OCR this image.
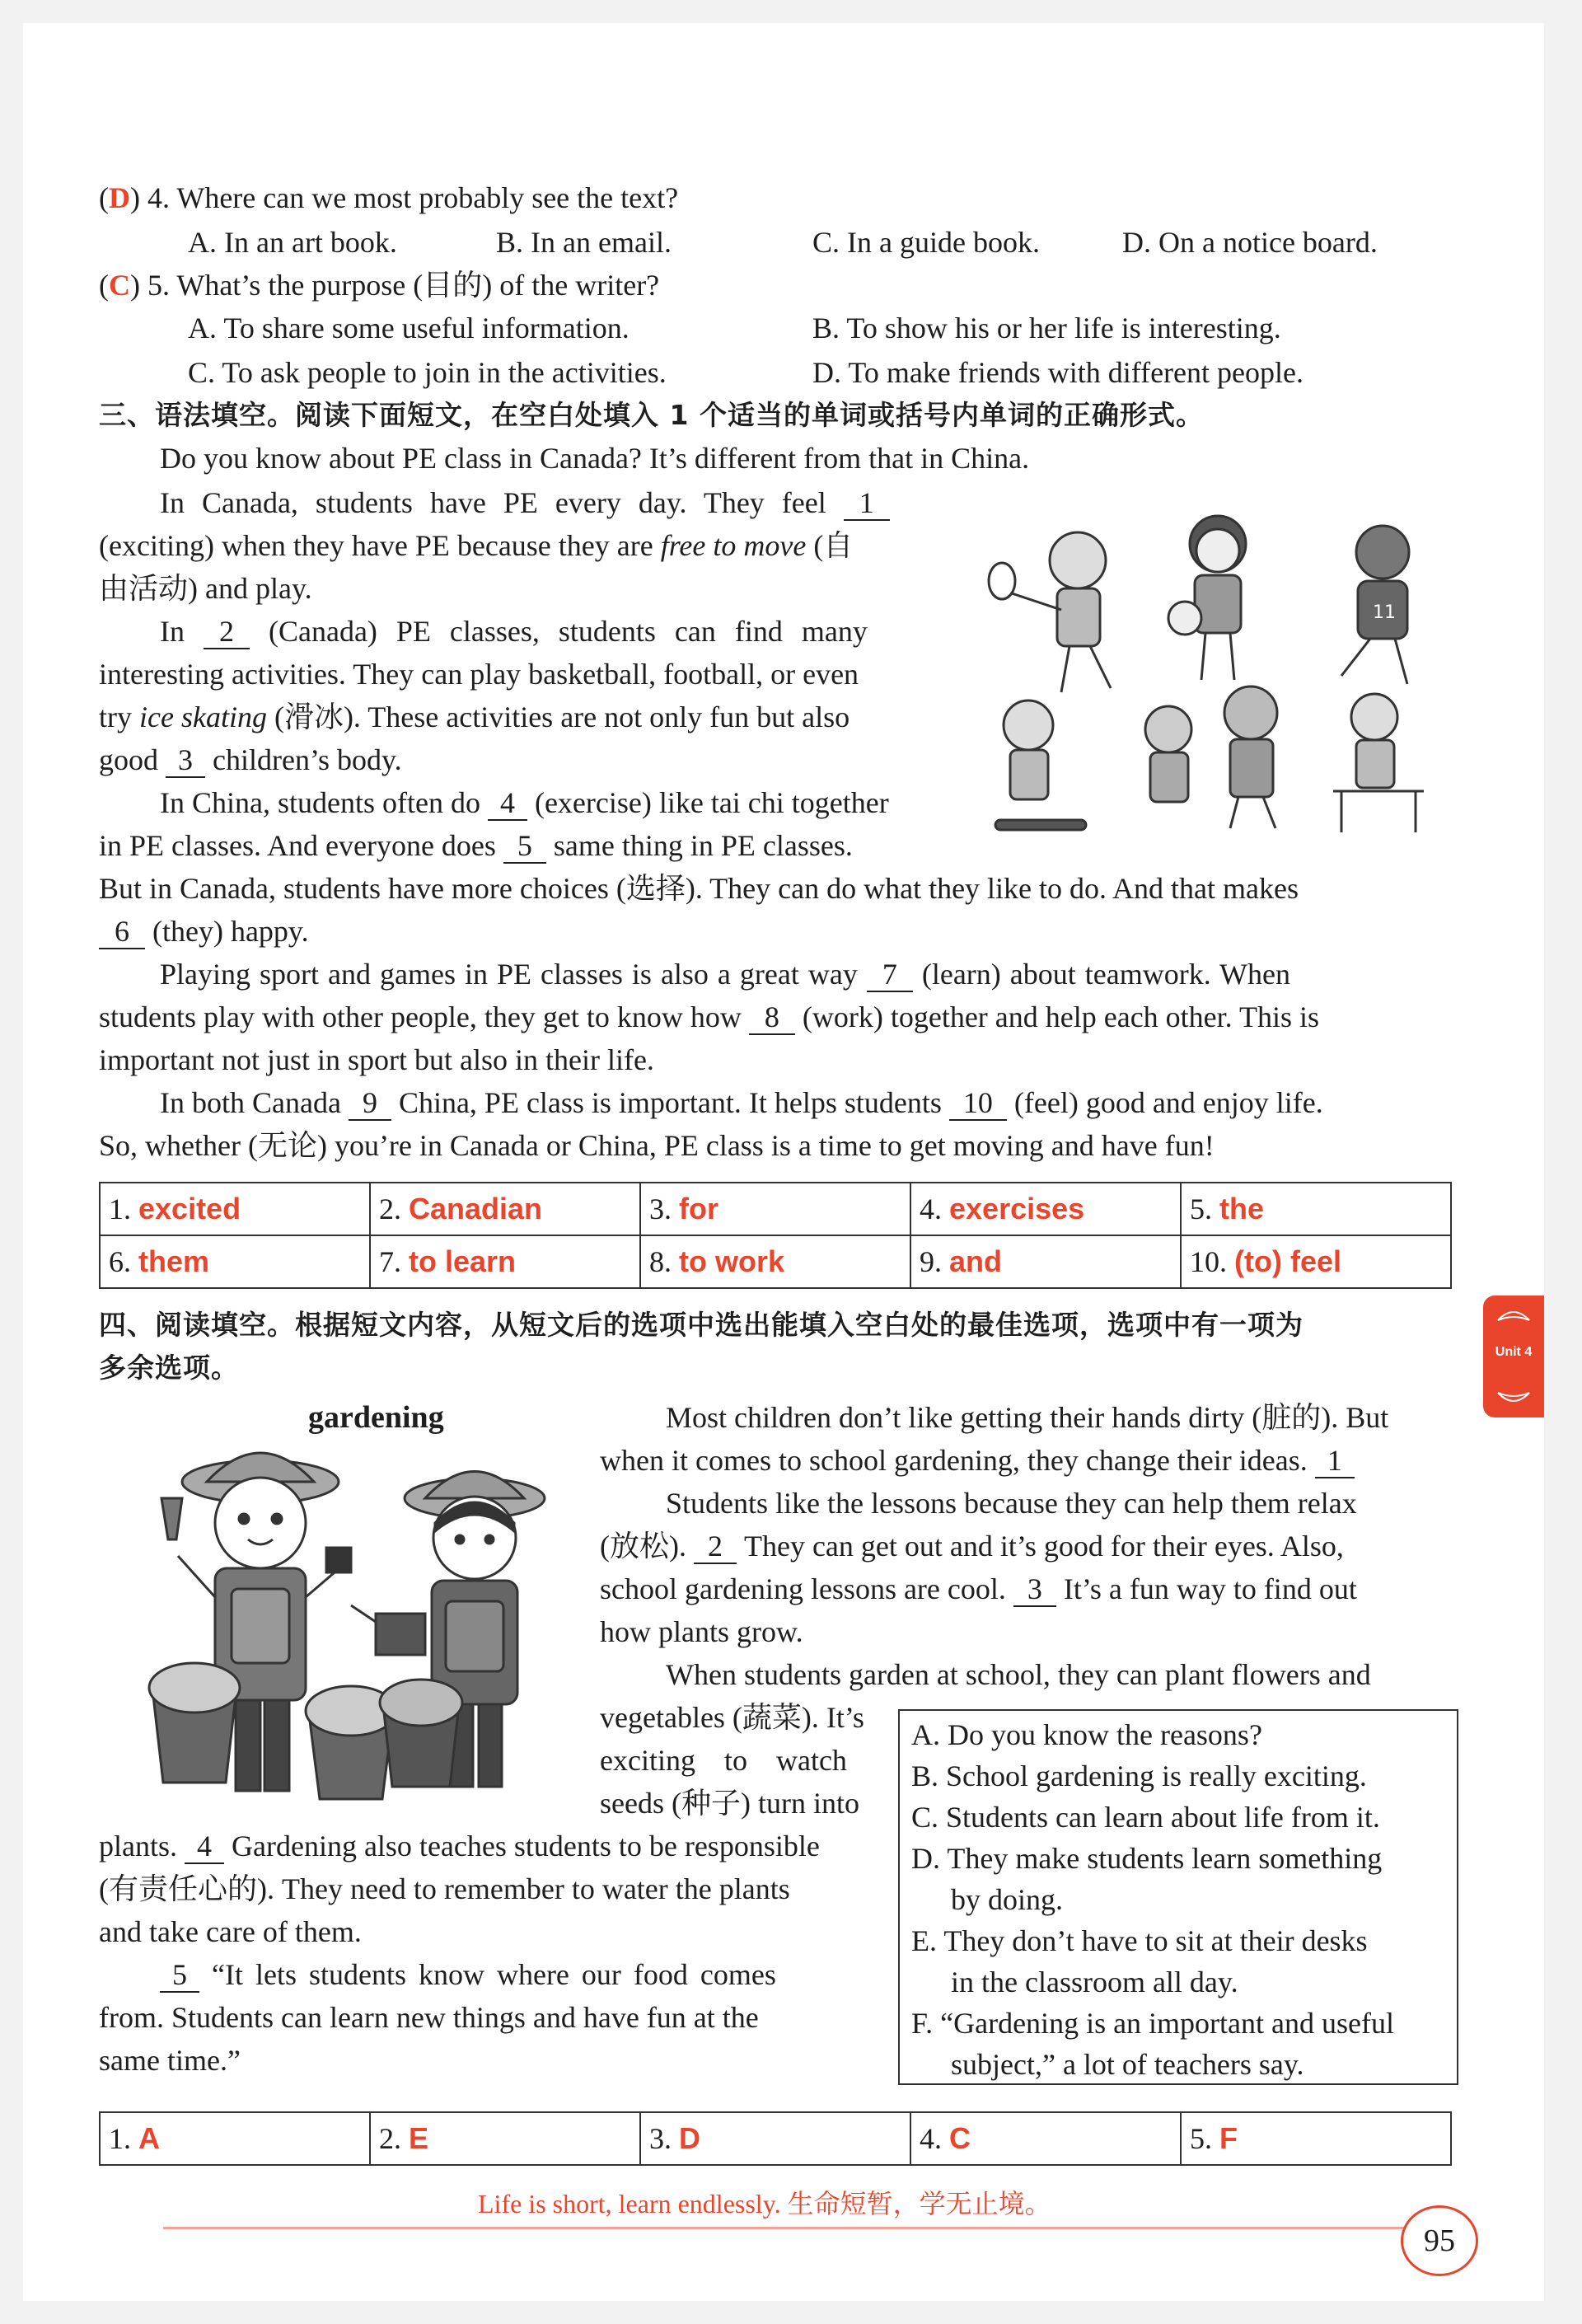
(D) 4. Where can we most probably see the text?
A. In an art book.	B. In an email.	C. In a guide book.	D. On a notice board.
(C) 5. What’s the purpose (目的) of the writer?
A. To share some useful information.	B. To show his or her life is interesting.
C. To ask people to join in the activities.	D. To make friends with different people.
三、语法填空。阅读下面短文，在空白处填入 1 个适当的单词或括号内单词的正确形式。
Do you know about PE class in Canada? It’s different from that in China.
In Canada, students have PE every day. They feel 1
(exciting) when they have PE because they are free to move (自
由活动) and play.
In 2 (Canada) PE classes, students can find many
interesting activities. They can play basketball, football, or even
try ice skating (滑冰). These activities are not only fun but also
good 3 children’s body.
In China, students often do 4 (exercise) like tai chi together
in PE classes. And everyone does 5 same thing in PE classes.
But in Canada, students have more choices (选择). They can do what they like to do. And that makes
6 (they) happy.
Playing sport and games in PE classes is also a great way 7 (learn) about teamwork. When
students play with other people, they get to know how 8 (work) together and help each other. This is
important not just in sport but also in their life.
In both Canada 9 China, PE class is important. It helps students 10 (feel) good and enjoy life.
So, whether (无论) you’re in Canada or China, PE class is a time to get moving and have fun!
11
1. excited	2. Canadian	3. for	4. exercises	5. the
6. them	7. to learn	8. to work	9. and	10. (to) feel
四、阅读填空。根据短文内容，从短文后的选项中选出能填入空白处的最佳选项，选项中有一项为
多余选项。
gardening	Most children don’t like getting their hands dirty (脏的). But
when it comes to school gardening, they change their ideas. 1
Students like the lessons because they can help them relax
(放松). 2 They can get out and it’s good for their eyes. Also,
school gardening lessons are cool. 3 It’s a fun way to find out
how plants grow.
When students garden at school, they can plant flowers and
vegetables (蔬菜). It’s
exciting to watch
seeds (种子) turn into
plants. 4 Gardening also teaches students to be responsible
(有责任心的). They need to remember to water the plants
and take care of them.
5 “It lets students know where our food comes
from. Students can learn new things and have fun at the
same time.”
A. Do you know the reasons?
B. School gardening is really exciting.
C. Students can learn about life from it.
D. They make students learn something
by doing.
E. They don’t have to sit at their desks
in the classroom all day.
F. “Gardening is an important and useful
subject,” a lot of teachers say.
1. A	2. E	3. D	4. C	5. F
Life is short, learn endlessly. 生命短暂，学无止境。
95
Unit 4
